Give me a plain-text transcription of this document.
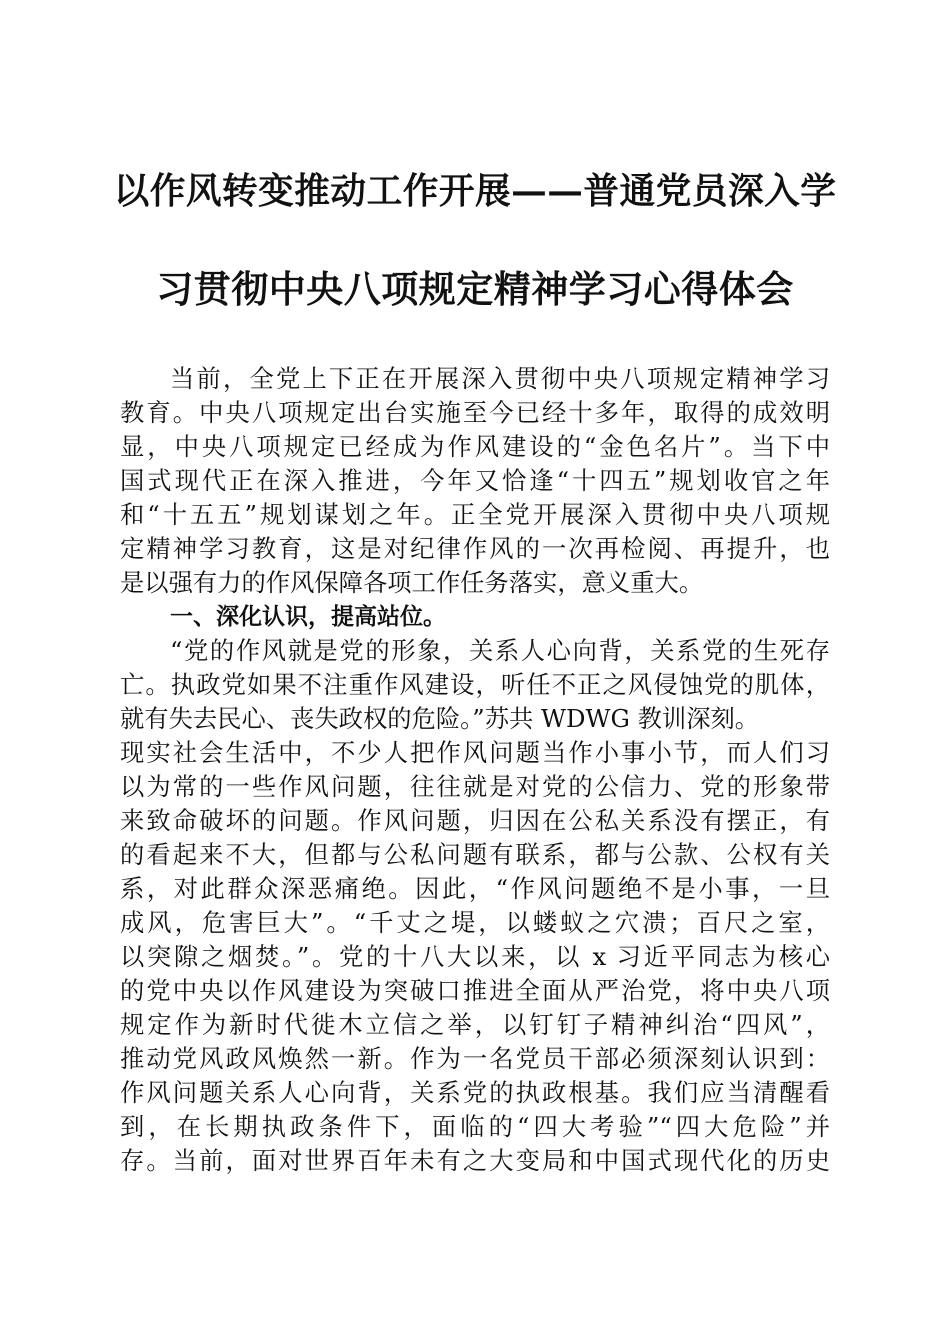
以作风转变推动工作开展——普通党员深入学
习贯彻中央八项规定精神学习心得体会
当前，全党上下正在开展深入贯彻中央八项规定精神学习
教育。中央八项规定出台实施至今已经十多年，取得的成效明
显，中央八项规定已经成为作风建设的“金色名片”。当下中
国式现代正在深入推进，今年又恰逢“十四五”规划收官之年
和“十五五”规划谋划之年。正全党开展深入贯彻中央八项规
定精神学习教育，这是对纪律作风的一次再检阅、再提升，也
是以强有力的作风保障各项工作任务落实，意义重大。
一、深化认识，提高站位。
“党的作风就是党的形象，关系人心向背，关系党的生死存
亡。执政党如果不注重作风建设，听任不正之风侵蚀党的肌体，
就有失去民心、丧失政权的危险。”苏共 WDWG 教训深刻。
现实社会生活中，不少人把作风问题当作小事小节，而人们习
以为常的一些作风问题，往往就是对党的公信力、党的形象带
来致命破坏的问题。作风问题，归因在公私关系没有摆正，有
的看起来不大，但都与公私问题有联系，都与公款、公权有关
系，对此群众深恶痛绝。因此，“作风问题绝不是小事，一旦
成风，危害巨大”。“千丈之堤，以蝼蚁之穴溃；百尺之室，
以突隙之烟焚。”。党的十八大以来，以 x 习近平同志为核心
的党中央以作风建设为突破口推进全面从严治党，将中央八项
规定作为新时代徙木立信之举，以钉钉子精神纠治“四风”，
推动党风政风焕然一新。作为一名党员干部必须深刻认识到：
作风问题关系人心向背，关系党的执政根基。我们应当清醒看
到，在长期执政条件下，面临的“四大考验”“四大危险”并
存。当前，面对世界百年未有之大变局和中国式现代化的历史
